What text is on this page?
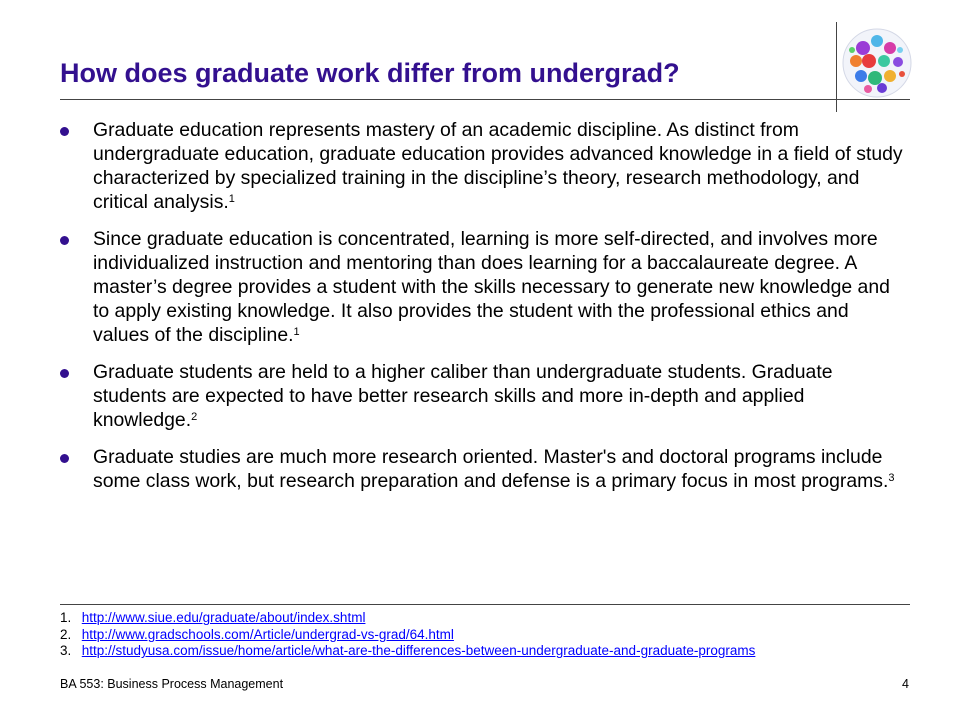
How does graduate work differ from undergrad?
Graduate education represents mastery of an academic discipline. As distinct from undergraduate education, graduate education provides advanced knowledge in a field of study characterized by specialized training in the discipline’s theory, research methodology, and critical analysis.$^1$
Since graduate education is concentrated, learning is more self-directed, and involves more individualized instruction and mentoring than does learning for a baccalaureate degree. A master’s degree provides a student with the skills necessary to generate new knowledge and to apply existing knowledge. It also provides the student with the professional ethics and values of the discipline.$^1$
Graduate students are held to a higher caliber than undergraduate students. Graduate students are expected to have better research skills and more in-depth and applied knowledge.$^2$
Graduate studies are much more research oriented. Master's and doctoral programs include some class work, but research preparation and defense is a primary focus in most programs.$^3$
1. http://www.siue.edu/graduate/about/index.shtml
2. http://www.gradschools.com/Article/undergrad-vs-grad/64.html
3. http://studyusa.com/issue/home/article/what-are-the-differences-between-undergraduate-and-graduate-programs
BA 553: Business Process Management	4
